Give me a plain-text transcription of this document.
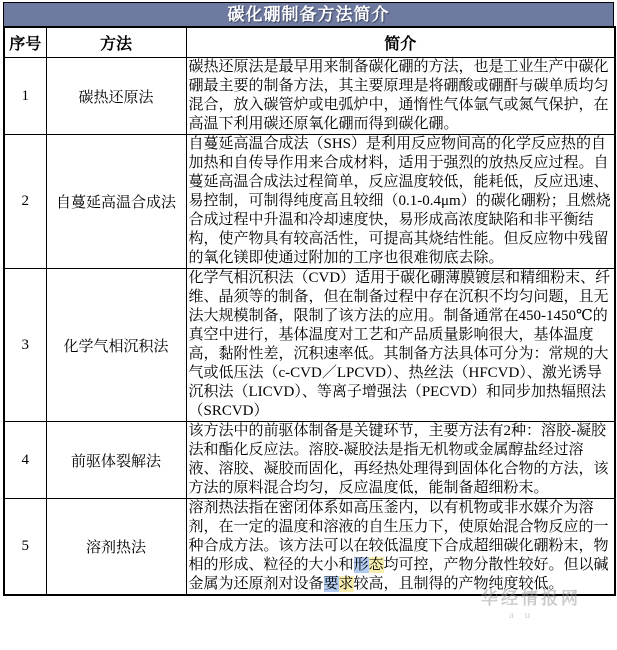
碳化硼制备方法简介
序号	方法	简介
1	碳热还原法	碳热还原法是最早用来制备碳化硼的方法，也是工业生产中碳化硼最主要的制备方法，其主要原理是将硼酸或硼酐与碳单质均匀混合，放入碳管炉或电弧炉中，通惰性气体氩气或氮气保护，在高温下利用碳还原氧化硼而得到碳化硼。
2	自蔓延高温合成法	自蔓延高温合成法（SHS）是利用反应物间高的化学反应热的自加热和自传导作用来合成材料，适用于强烈的放热反应过程。自蔓延高温合成法过程简单，反应温度较低，能耗低，反应迅速、易控制，可制得纯度高且较细（0.1-0.4μm）的碳化硼粉；且燃烧合成过程中升温和冷却速度快，易形成高浓度缺陷和非平衡结构，使产物具有较高活性，可提高其烧结性能。但反应物中残留的氧化镁即使通过附加的工序也很难彻底去除。
3	化学气相沉积法	化学气相沉积法（CVD）适用于碳化硼薄膜镀层和精细粉末、纤维、晶须等的制备，但在制备过程中存在沉积不均匀问题，且无法大规模制备，限制了该方法的应用。制备通常在450-1450℃的真空中进行，基体温度对工艺和产品质量影响很大，基体温度高，黏附性差，沉积速率低。其制备方法具体可分为：常规的大气或低压法（c-CVD／LPCVD）、热丝法（HFCVD）、激光诱导沉积法（LICVD）、等离子增强法（PECVD）和同步加热辐照法（SRCVD）
4	前驱体裂解法	该方法中的前驱体制备是关键环节，主要方法有2种：溶胶-凝胶法和酯化反应法。溶胶-凝胶法是指无机物或金属醇盐经过溶液、溶胶、凝胶而固化，再经热处理得到固体化合物的方法，该方法的原料混合均匀，反应温度低，能制备超细粉末。
5	溶剂热法	溶剂热法指在密闭体系如高压釜内，以有机物或非水媒介为溶剂，在一定的温度和溶液的自生压力下，使原始混合物反应的一种合成方法。该方法可以在较低温度下合成超细碳化硼粉末，物相的形成、粒径的大小和形态均可控，产物分散性较好。但以碱金属为还原剂对设备要求较高，且制得的产物纯度较低。
华经情报网
a u
